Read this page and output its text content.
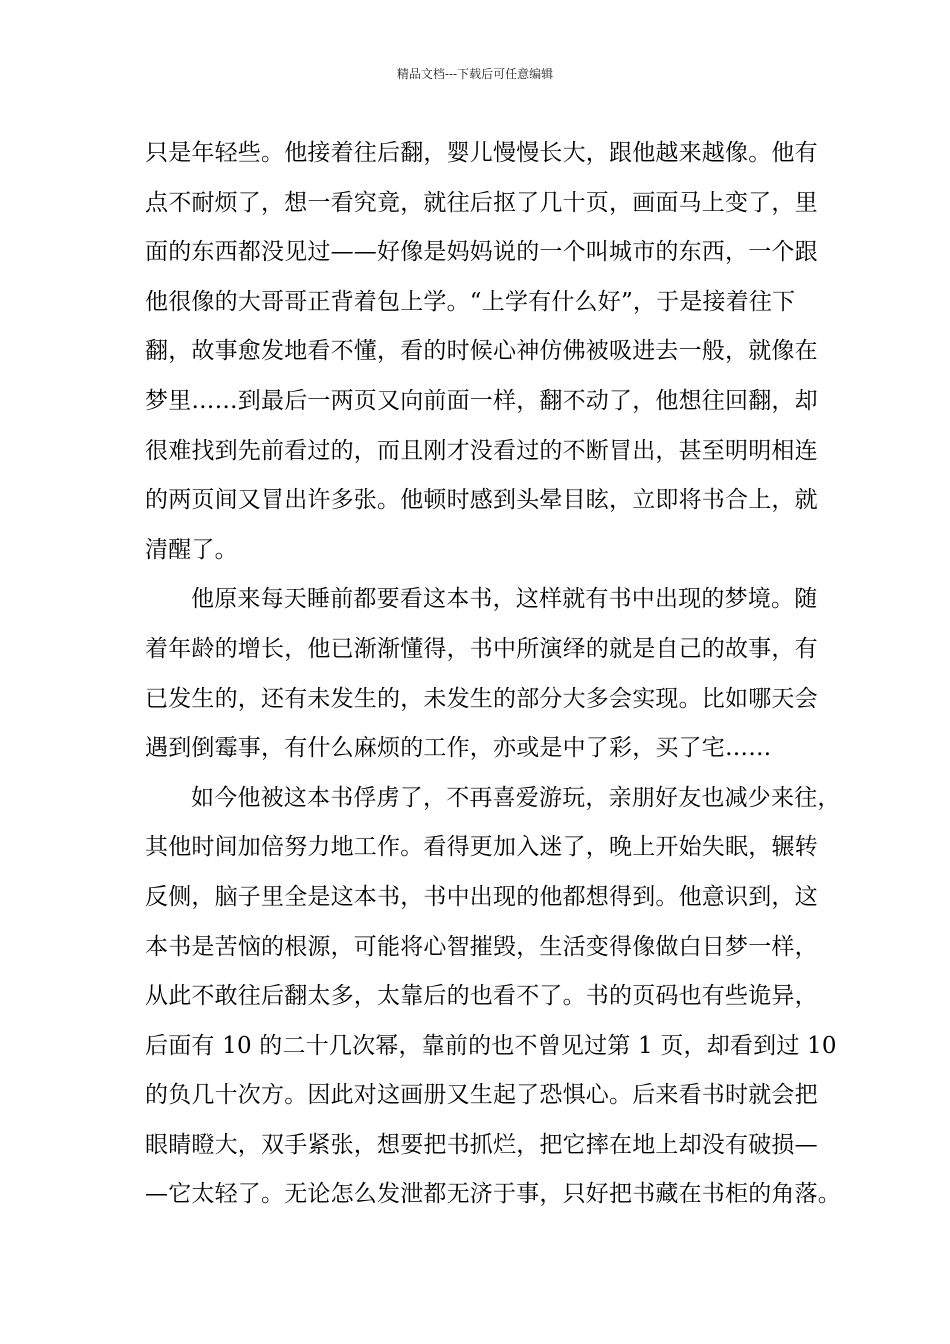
精品文档---下载后可任意编辑
只是年轻些。他接着往后翻，婴儿慢慢长大，跟他越来越像。他有
点不耐烦了，想一看究竟，就往后抠了几十页，画面马上变了，里
面的东西都没见过——好像是妈妈说的一个叫城市的东西，一个跟
他很像的大哥哥正背着包上学。“上学有什么好”，于是接着往下
翻，故事愈发地看不懂，看的时候心神仿佛被吸进去一般，就像在
梦里……到最后一两页又向前面一样，翻不动了，他想往回翻，却
很难找到先前看过的，而且刚才没看过的不断冒出，甚至明明相连
的两页间又冒出许多张。他顿时感到头晕目眩，立即将书合上，就
清醒了。
他原来每天睡前都要看这本书，这样就有书中出现的梦境。随
着年龄的增长，他已渐渐懂得，书中所演绎的就是自己的故事，有
已发生的，还有未发生的，未发生的部分大多会实现。比如哪天会
遇到倒霉事，有什么麻烦的工作，亦或是中了彩，买了宅……
如今他被这本书俘虏了，不再喜爱游玩，亲朋好友也减少来往，
其他时间加倍努力地工作。看得更加入迷了，晚上开始失眠，辗转
反侧，脑子里全是这本书，书中出现的他都想得到。他意识到，这
本书是苦恼的根源，可能将心智摧毁，生活变得像做白日梦一样，
从此不敢往后翻太多，太靠后的也看不了。书的页码也有些诡异，
后面有 10 的二十几次幂，靠前的也不曾见过第 1 页，却看到过 10
的负几十次方。因此对这画册又生起了恐惧心。后来看书时就会把
眼睛瞪大，双手紧张，想要把书抓烂，把它摔在地上却没有破损—
—它太轻了。无论怎么发泄都无济于事，只好把书藏在书柜的角落。
